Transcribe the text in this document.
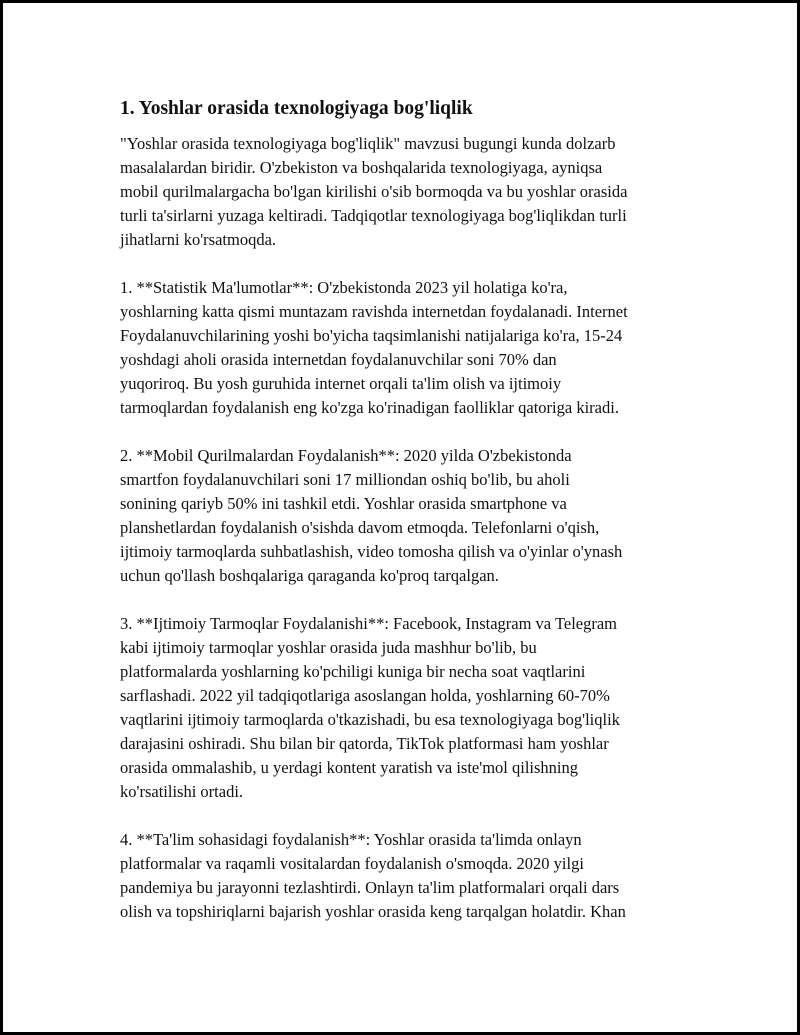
1. Yoshlar orasida texnologiyaga bog'liqlik

"Yoshlar orasida texnologiyaga bog'liqlik" mavzusi bugungi kunda dolzarb
masalalardan biridir. O'zbekiston va boshqalarida texnologiyaga, ayniqsa
mobil qurilmalargacha bo'lgan kirilishi o'sib bormoqda va bu yoshlar orasida
turli ta'sirlarni yuzaga keltiradi. Tadqiqotlar texnologiyaga bog'liqlikdan turli
jihatlarni ko'rsatmoqda.

1. **Statistik Ma'lumotlar**: O'zbekistonda 2023 yil holatiga ko'ra,
yoshlarning katta qismi muntazam ravishda internetdan foydalanadi. Internet
Foydalanuvchilarining yoshi bo'yicha taqsimlanishi natijalariga ko'ra, 15-24
yoshdagi aholi orasida internetdan foydalanuvchilar soni 70% dan
yuqoriroq. Bu yosh guruhida internet orqali ta'lim olish va ijtimoiy
tarmoqlardan foydalanish eng ko'zga ko'rinadigan faolliklar qatoriga kiradi.

2. **Mobil Qurilmalardan Foydalanish**: 2020 yilda O'zbekistonda
smartfon foydalanuvchilari soni 17 milliondan oshiq bo'lib, bu aholi
sonining qariyb 50% ini tashkil etdi. Yoshlar orasida smartphone va
planshetlardan foydalanish o'sishda davom etmoqda. Telefonlarni o'qish,
ijtimoiy tarmoqlarda suhbatlashish, video tomosha qilish va o'yinlar o'ynash
uchun qo'llash boshqalariga qaraganda ko'proq tarqalgan.

3. **Ijtimoiy Tarmoqlar Foydalanishi**: Facebook, Instagram va Telegram
kabi ijtimoiy tarmoqlar yoshlar orasida juda mashhur bo'lib, bu
platformalarda yoshlarning ko'pchiligi kuniga bir necha soat vaqtlarini
sarflashadi. 2022 yil tadqiqotlariga asoslangan holda, yoshlarning 60-70%
vaqtlarini ijtimoiy tarmoqlarda o'tkazishadi, bu esa texnologiyaga bog'liqlik
darajasini oshiradi. Shu bilan bir qatorda, TikTok platformasi ham yoshlar
orasida ommalashib, u yerdagi kontent yaratish va iste'mol qilishning
ko'rsatilishi ortadi.

4. **Ta'lim sohasidagi foydalanish**: Yoshlar orasida ta'limda onlayn
platformalar va raqamli vositalardan foydalanish o'smoqda. 2020 yilgi
pandemiya bu jarayonni tezlashtirdi. Onlayn ta'lim platformalari orqali dars
olish va topshiriqlarni bajarish yoshlar orasida keng tarqalgan holatdir. Khan
